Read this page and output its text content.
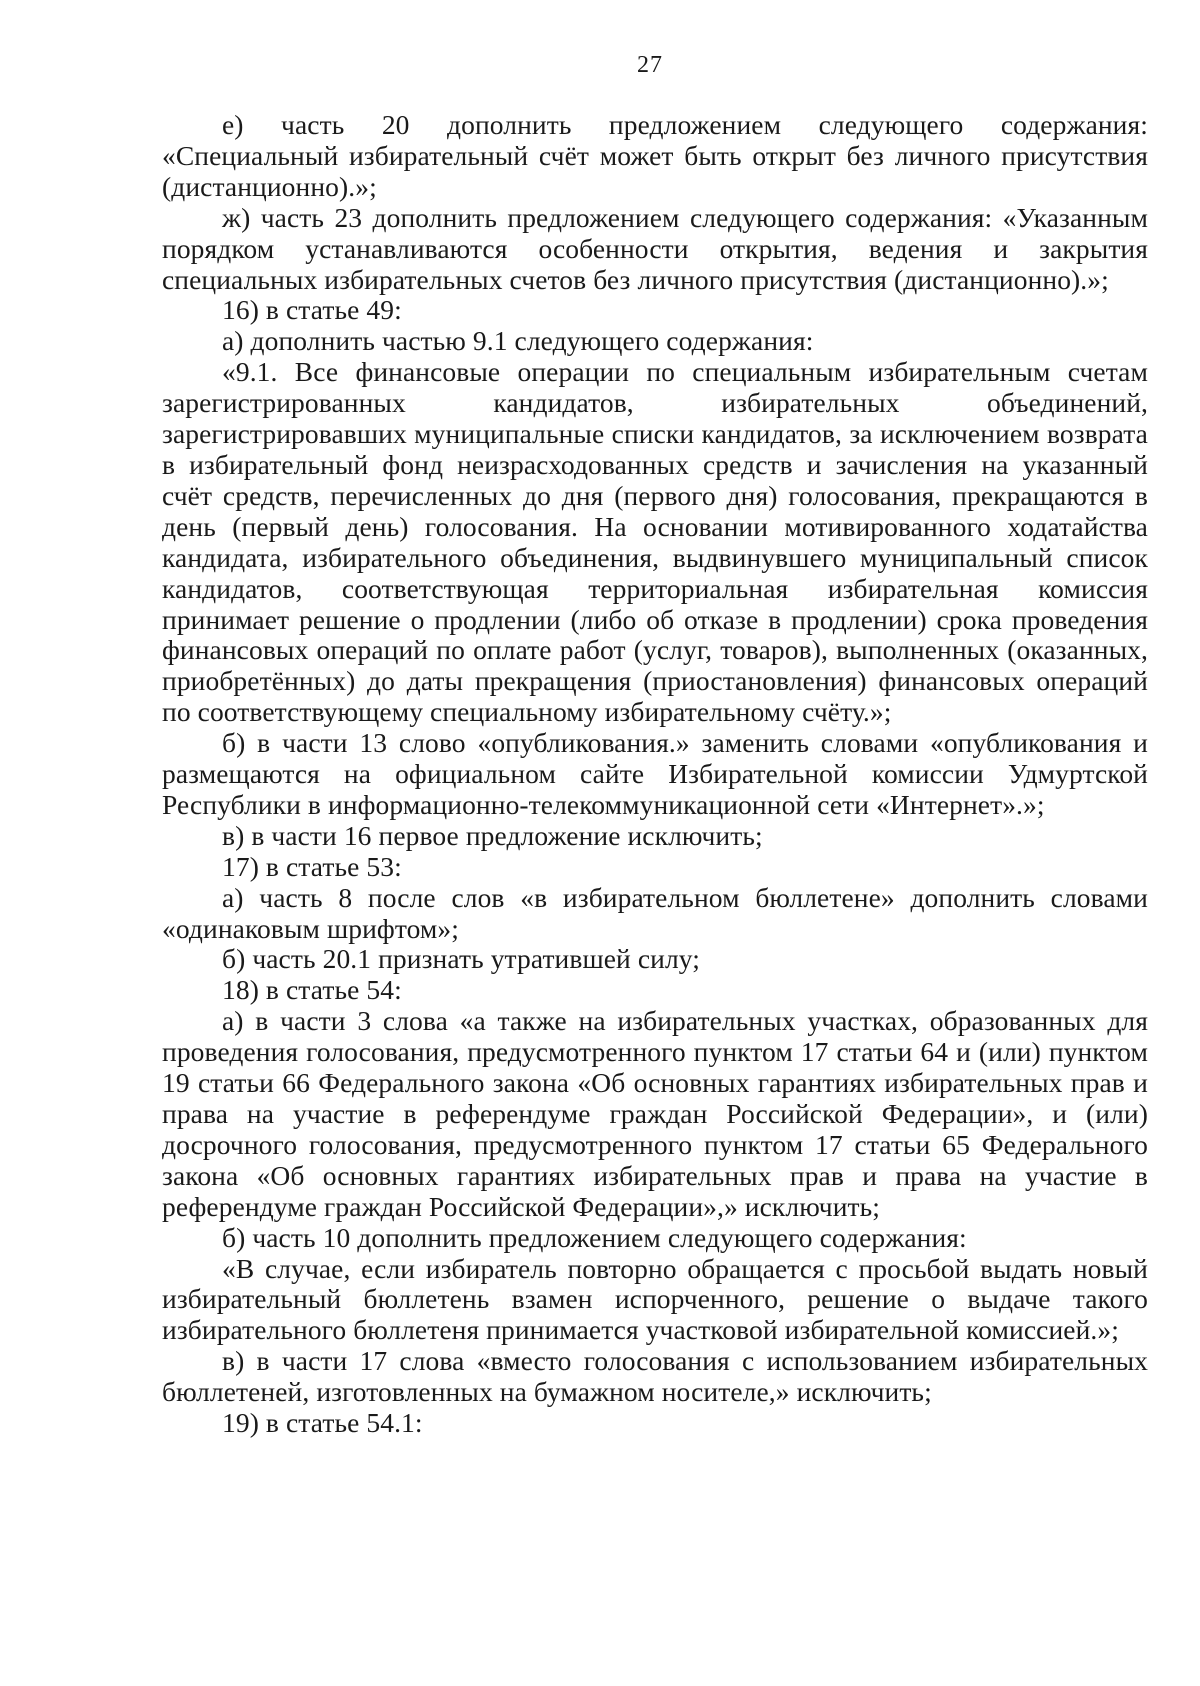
27

е) часть 20 дополнить предложением следующего содержания: «Специальный избирательный счёт может быть открыт без личного присутствия (дистанционно).»;

ж) часть 23 дополнить предложением следующего содержания: «Указанным порядком устанавливаются особенности открытия, ведения и закрытия специальных избирательных счетов без личного присутствия (дистанционно).»;

16) в статье 49:

а) дополнить частью 9.1 следующего содержания:

«9.1. Все финансовые операции по специальным избирательным счетам зарегистрированных кандидатов, избирательных объединений, зарегистрировавших муниципальные списки кандидатов, за исключением возврата в избирательный фонд неизрасходованных средств и зачисления на указанный счёт средств, перечисленных до дня (первого дня) голосования, прекращаются в день (первый день) голосования. На основании мотивированного ходатайства кандидата, избирательного объединения, выдвинувшего муниципальный список кандидатов, соответствующая территориальная избирательная комиссия принимает решение о продлении (либо об отказе в продлении) срока проведения финансовых операций по оплате работ (услуг, товаров), выполненных (оказанных, приобретённых) до даты прекращения (приостановления) финансовых операций по соответствующему специальному избирательному счёту.»;

б) в части 13 слово «опубликования.» заменить словами «опубликования и размещаются на официальном сайте Избирательной комиссии Удмуртской Республики в информационно-телекоммуникационной сети «Интернет».»;

в) в части 16 первое предложение исключить;

17) в статье 53:

а) часть 8 после слов «в избирательном бюллетене» дополнить словами «одинаковым шрифтом»;

б) часть 20.1 признать утратившей силу;

18) в статье 54:

а) в части 3 слова «а также на избирательных участках, образованных для проведения голосования, предусмотренного пунктом 17 статьи 64 и (или) пунктом 19 статьи 66 Федерального закона «Об основных гарантиях избирательных прав и права на участие в референдуме граждан Российской Федерации», и (или) досрочного голосования, предусмотренного пунктом 17 статьи 65 Федерального закона «Об основных гарантиях избирательных прав и права на участие в референдуме граждан Российской Федерации»,» исключить;

б) часть 10 дополнить предложением следующего содержания:

«В случае, если избиратель повторно обращается с просьбой выдать новый избирательный бюллетень взамен испорченного, решение о выдаче такого избирательного бюллетеня принимается участковой избирательной комиссией.»;

в) в части 17 слова «вместо голосования с использованием избирательных бюллетеней, изготовленных на бумажном носителе,» исключить;

19) в статье 54.1:
